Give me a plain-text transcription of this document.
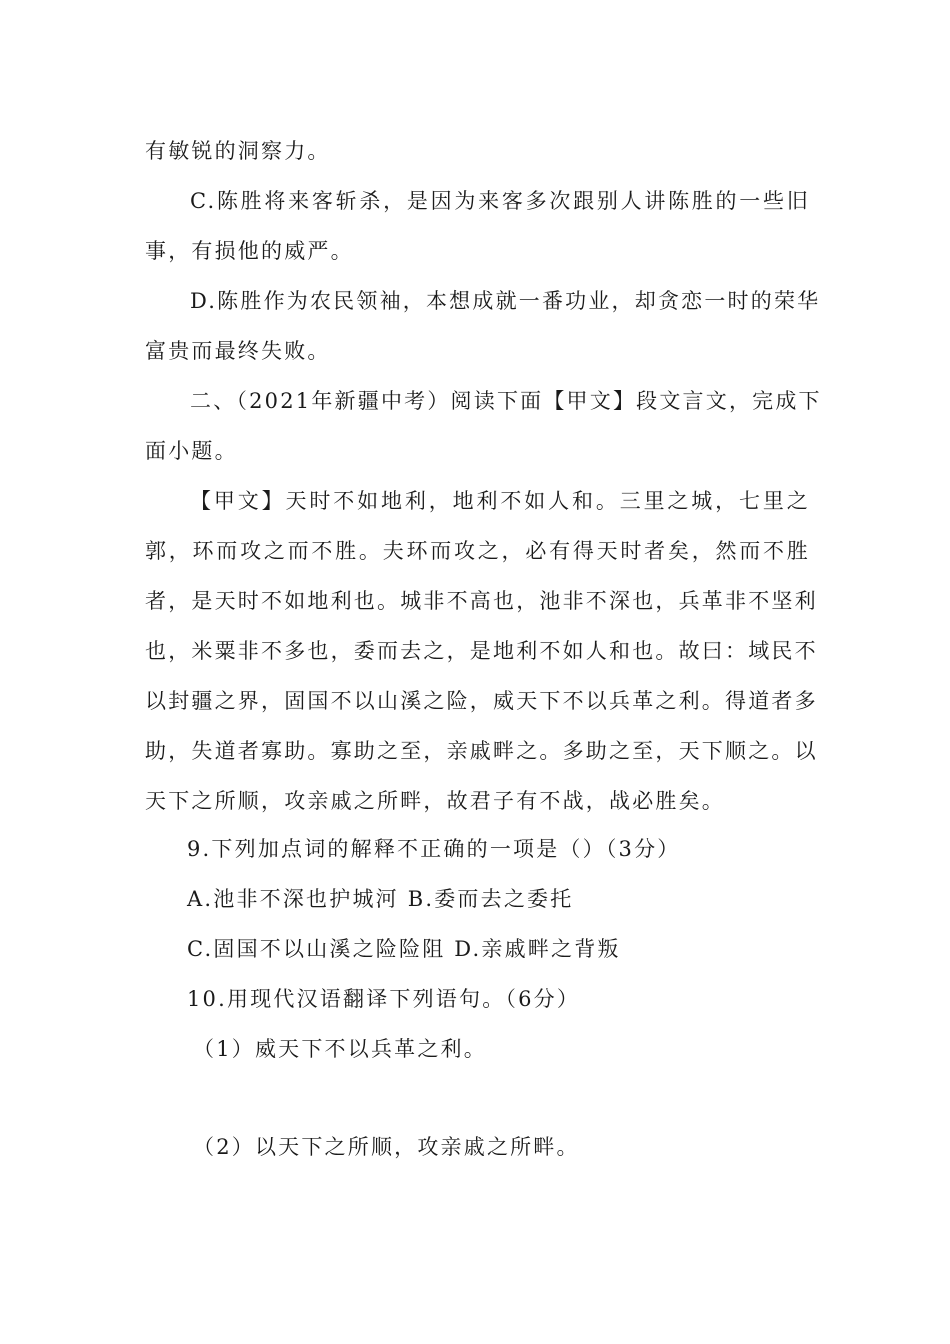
有敏锐的洞察力。
C.陈胜将来客斩杀，是因为来客多次跟别人讲陈胜的一些旧
事，有损他的威严。
D.陈胜作为农民领袖，本想成就一番功业，却贪恋一时的荣华
富贵而最终失败。
二、（2021年新疆中考）阅读下面【甲文】段文言文，完成下
面小题。
【甲文】天时不如地利，地利不如人和。三里之城，七里之
郭，环而攻之而不胜。夫环而攻之，必有得天时者矣，然而不胜
者，是天时不如地利也。城非不高也，池非不深也，兵革非不坚利
也，米粟非不多也，委而去之，是地利不如人和也。故曰：域民不
以封疆之界，固国不以山溪之险，威天下不以兵革之利。得道者多
助，失道者寡助。寡助之至，亲戚畔之。多助之至，天下顺之。以
天下之所顺，攻亲戚之所畔，故君子有不战，战必胜矣。
9.下列加点词的解释不正确的一项是（）（3分）
A.池非不深也护城河 B.委而去之委托
C.固国不以山溪之险险阻 D.亲戚畔之背叛
10.用现代汉语翻译下列语句。（6分）
（1）威天下不以兵革之利。
（2）以天下之所顺，攻亲戚之所畔。
